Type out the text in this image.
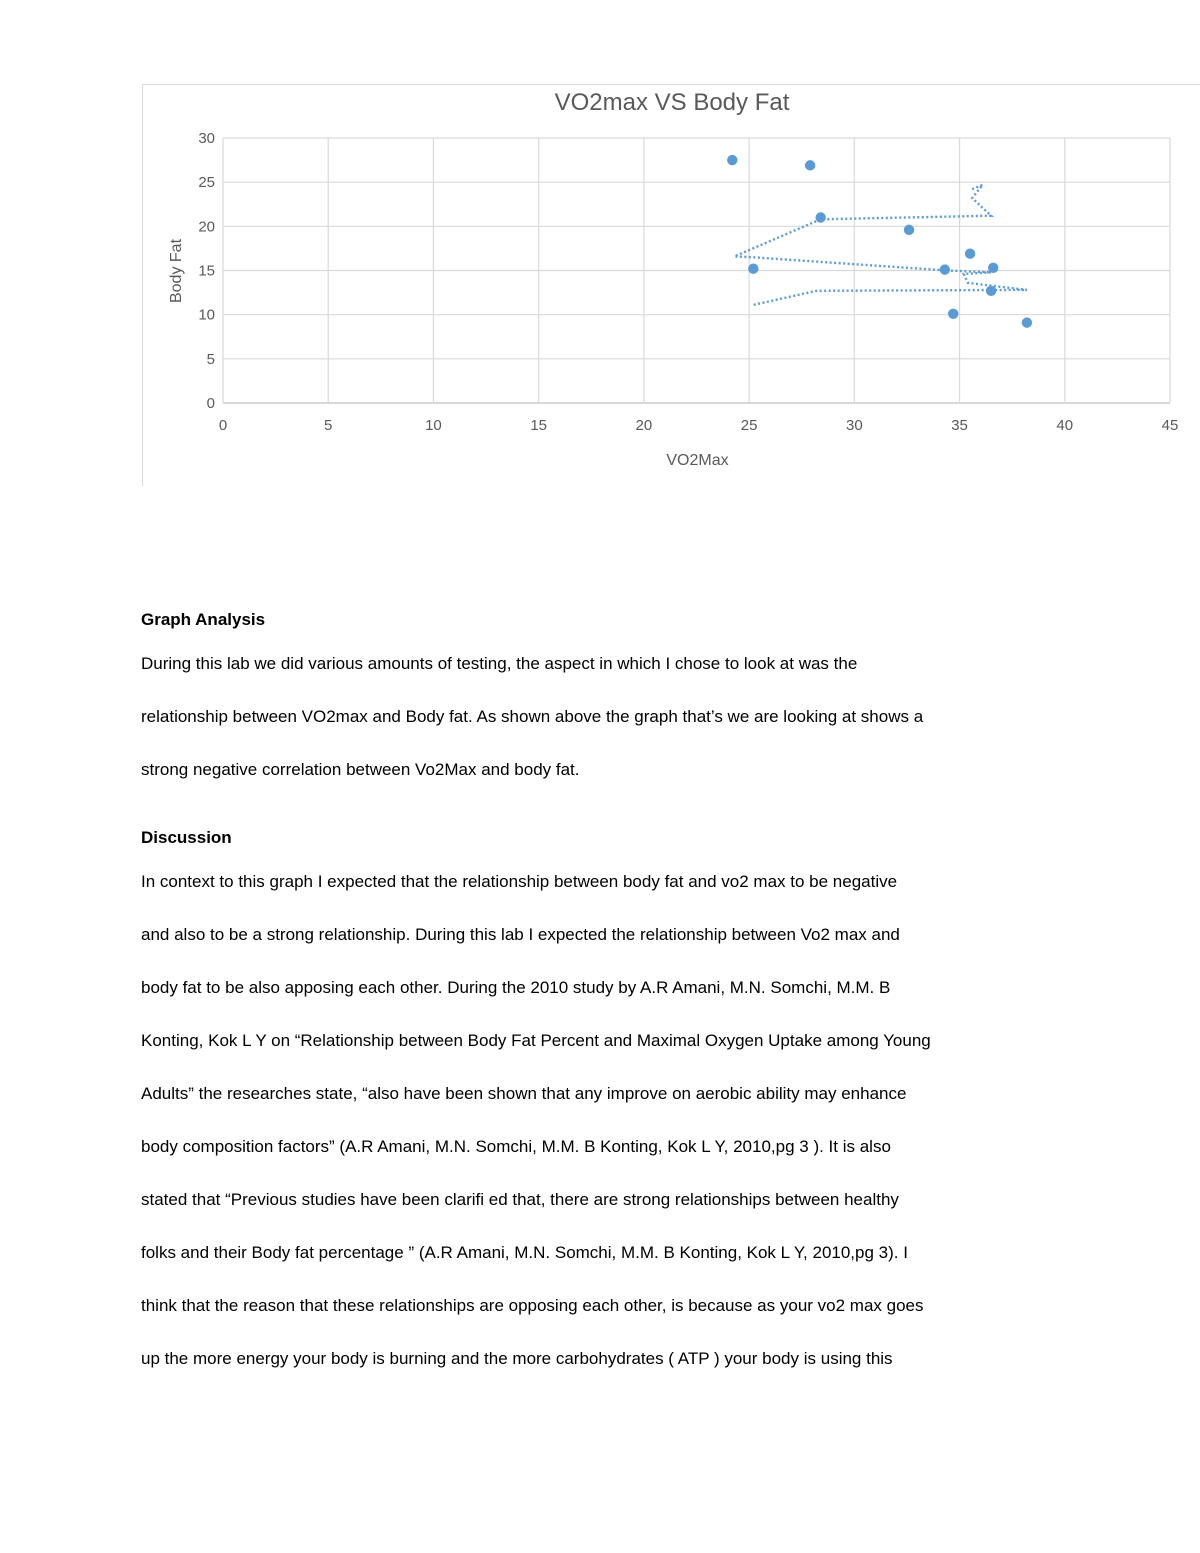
0
5
10
15
20
25
30
0	5	10	15	20	25	30	35	40	45
VO2max VS Body Fat
VO2Max
Body Fat

Graph Analysis

During this lab we did various amounts of testing, the aspect in which I chose to look at was the

relationship between VO2max and Body fat. As shown above the graph that’s we are looking at shows a

strong negative correlation between Vo2Max and body fat.

Discussion

In context to this graph I expected that the relationship between body fat and vo2 max to be negative

and also to be a strong relationship. During this lab I expected the relationship between Vo2 max and

body fat to be also apposing each other. During the 2010 study by A.R Amani, M.N. Somchi, M.M. B

Konting, Kok L Y on “Relationship between Body Fat Percent and Maximal Oxygen Uptake among Young

Adults” the researches state, “also have been shown that any improve on aerobic ability may enhance

body composition factors” (A.R Amani, M.N. Somchi, M.M. B Konting, Kok L Y, 2010,pg 3 ). It is also

stated that “Previous studies have been clarifi ed that, there are strong relationships between healthy

folks and their Body fat percentage ” (A.R Amani, M.N. Somchi, M.M. B Konting, Kok L Y, 2010,pg 3). I

think that the reason that these relationships are opposing each other, is because as your vo2 max goes

up the more energy your body is burning and the more carbohydrates ( ATP ) your body is using this
